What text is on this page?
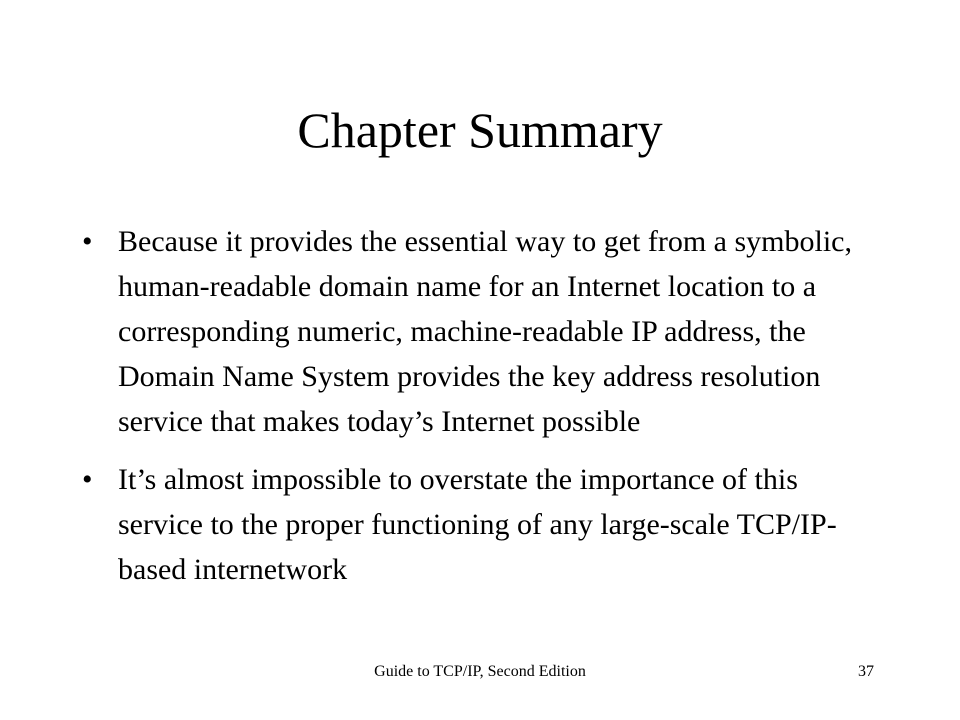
Chapter Summary
• Because it provides the essential way to get from a symbolic, human-readable domain name for an Internet location to a corresponding numeric, machine-readable IP address, the Domain Name System provides the key address resolution service that makes today’s Internet possible
• It’s almost impossible to overstate the importance of this service to the proper functioning of any large-scale TCP/IP-based internetwork
Guide to TCP/IP, Second Edition	37
